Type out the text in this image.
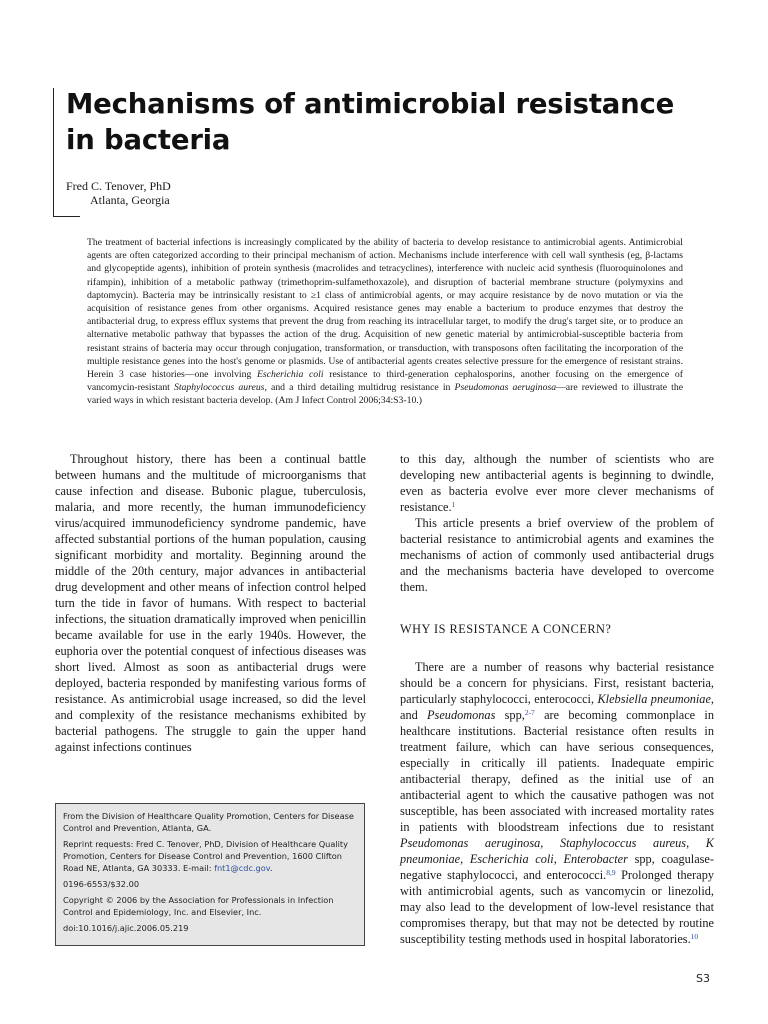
Mechanisms of antimicrobial resistance
in bacteria
Fred C. Tenover, PhD
Atlanta, Georgia

The treatment of bacterial infections is increasingly complicated by the ability of bacteria to develop resistance to antimicrobial agents. Antimicrobial agents are often categorized according to their principal mechanism of action. Mechanisms include interference with cell wall synthesis (eg, β-lactams and glycopeptide agents), inhibition of protein synthesis (macrolides and tetracyclines), interference with nucleic acid synthesis (fluoroquinolones and rifampin), inhibition of a metabolic pathway (trimethoprim-sulfamethoxazole), and disruption of bacterial membrane structure (polymyxins and daptomycin). Bacteria may be intrinsically resistant to ≥1 class of antimicrobial agents, or may acquire resistance by de novo mutation or via the acquisition of resistance genes from other organisms. Acquired resistance genes may enable a bacterium to produce enzymes that destroy the antibacterial drug, to express efflux systems that prevent the drug from reaching its intracellular target, to modify the drug's target site, or to produce an alternative metabolic pathway that bypasses the action of the drug. Acquisition of new genetic material by antimicrobial-susceptible bacteria from resistant strains of bacteria may occur through conjugation, transformation, or transduction, with transposons often facilitating the incorporation of the multiple resistance genes into the host's genome or plasmids. Use of antibacterial agents creates selective pressure for the emergence of resistant strains. Herein 3 case histories—one involving Escherichia coli resistance to third-generation cephalosporins, another focusing on the emergence of vancomycin-resistant Staphylococcus aureus, and a third detailing multidrug resistance in Pseudomonas aeruginosa—are reviewed to illustrate the varied ways in which resistant bacteria develop. (Am J Infect Control 2006;34:S3-10.)

Throughout history, there has been a continual battle between humans and the multitude of microorganisms that cause infection and disease. Bubonic plague, tuberculosis, malaria, and more recently, the human immunodeficiency virus/acquired immunodeficiency syndrome pandemic, have affected substantial portions of the human population, causing significant morbidity and mortality. Beginning around the middle of the 20th century, major advances in antibacterial drug development and other means of infection control helped turn the tide in favor of humans. With respect to bacterial infections, the situation dramatically improved when penicillin became available for use in the early 1940s. However, the euphoria over the potential conquest of infectious diseases was short lived. Almost as soon as antibacterial drugs were deployed, bacteria responded by manifesting various forms of resistance. As antimicrobial usage increased, so did the level and complexity of the resistance mechanisms exhibited by bacterial pathogens. The struggle to gain the upper hand against infections continues

to this day, although the number of scientists who are developing new antibacterial agents is beginning to dwindle, even as bacteria evolve ever more clever mechanisms of resistance.$^1$

This article presents a brief overview of the problem of bacterial resistance to antimicrobial agents and examines the mechanisms of action of commonly used antibacterial drugs and the mechanisms bacteria have developed to overcome them.

WHY IS RESISTANCE A CONCERN?

There are a number of reasons why bacterial resistance should be a concern for physicians. First, resistant bacteria, particularly staphylococci, enterococci, Klebsiella pneumoniae, and Pseudomonas spp,$^{2-7}$ are becoming commonplace in healthcare institutions. Bacterial resistance often results in treatment failure, which can have serious consequences, especially in critically ill patients. Inadequate empiric antibacterial therapy, defined as the initial use of an antibacterial agent to which the causative pathogen was not susceptible, has been associated with increased mortality rates in patients with bloodstream infections due to resistant Pseudomonas aeruginosa, Staphylococcus aureus, K pneumoniae, Escherichia coli, Enterobacter spp, coagulase-negative staphylococci, and enterococci.$^{8,9}$ Prolonged therapy with antimicrobial agents, such as vancomycin or linezolid, may also lead to the development of low-level resistance that compromises therapy, but that may not be detected by routine susceptibility testing methods used in hospital laboratories.$^{10}$

From the Division of Healthcare Quality Promotion, Centers for Disease Control and Prevention, Atlanta, GA.

Reprint requests: Fred C. Tenover, PhD, Division of Healthcare Quality Promotion, Centers for Disease Control and Prevention, 1600 Clifton Road NE, Atlanta, GA 30333. E-mail: fnt1@cdc.gov.

0196-6553/$32.00

Copyright © 2006 by the Association for Professionals in Infection Control and Epidemiology, Inc. and Elsevier, Inc.

doi:10.1016/j.ajic.2006.05.219

S3
